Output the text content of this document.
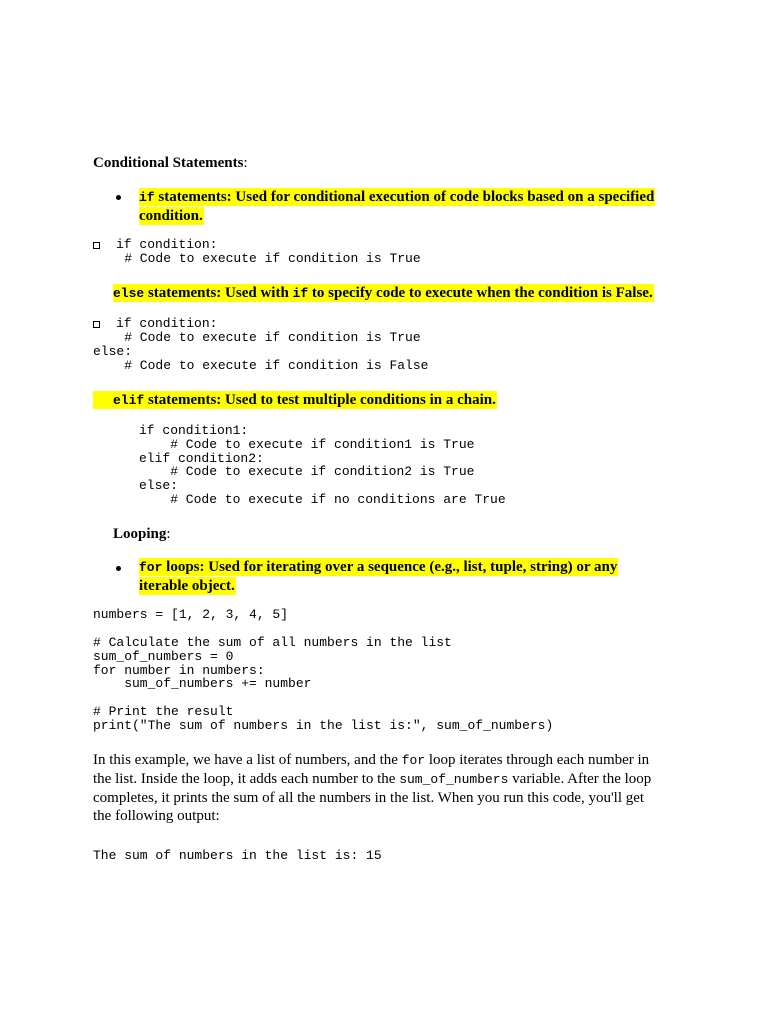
Conditional Statements:
if statements: Used for conditional execution of code blocks based on a specified
condition.
if condition:
# Code to execute if condition is True
else statements: Used with if to specify code to execute when the condition is False.
if condition:
# Code to execute if condition is True
else:
# Code to execute if condition is False
elif statements: Used to test multiple conditions in a chain.
if condition1:
# Code to execute if condition1 is True
elif condition2:
# Code to execute if condition2 is True
else:
# Code to execute if no conditions are True
Looping:
for loops: Used for iterating over a sequence (e.g., list, tuple, string) or any
iterable object.
numbers = [1, 2, 3, 4, 5]
# Calculate the sum of all numbers in the list
sum_of_numbers = 0
for number in numbers:
sum_of_numbers += number
# Print the result
print("The sum of numbers in the list is:", sum_of_numbers)
In this example, we have a list of numbers, and the for loop iterates through each number in
the list. Inside the loop, it adds each number to the sum_of_numbers variable. After the loop
completes, it prints the sum of all the numbers in the list. When you run this code, you'll get
the following output:
The sum of numbers in the list is: 15
